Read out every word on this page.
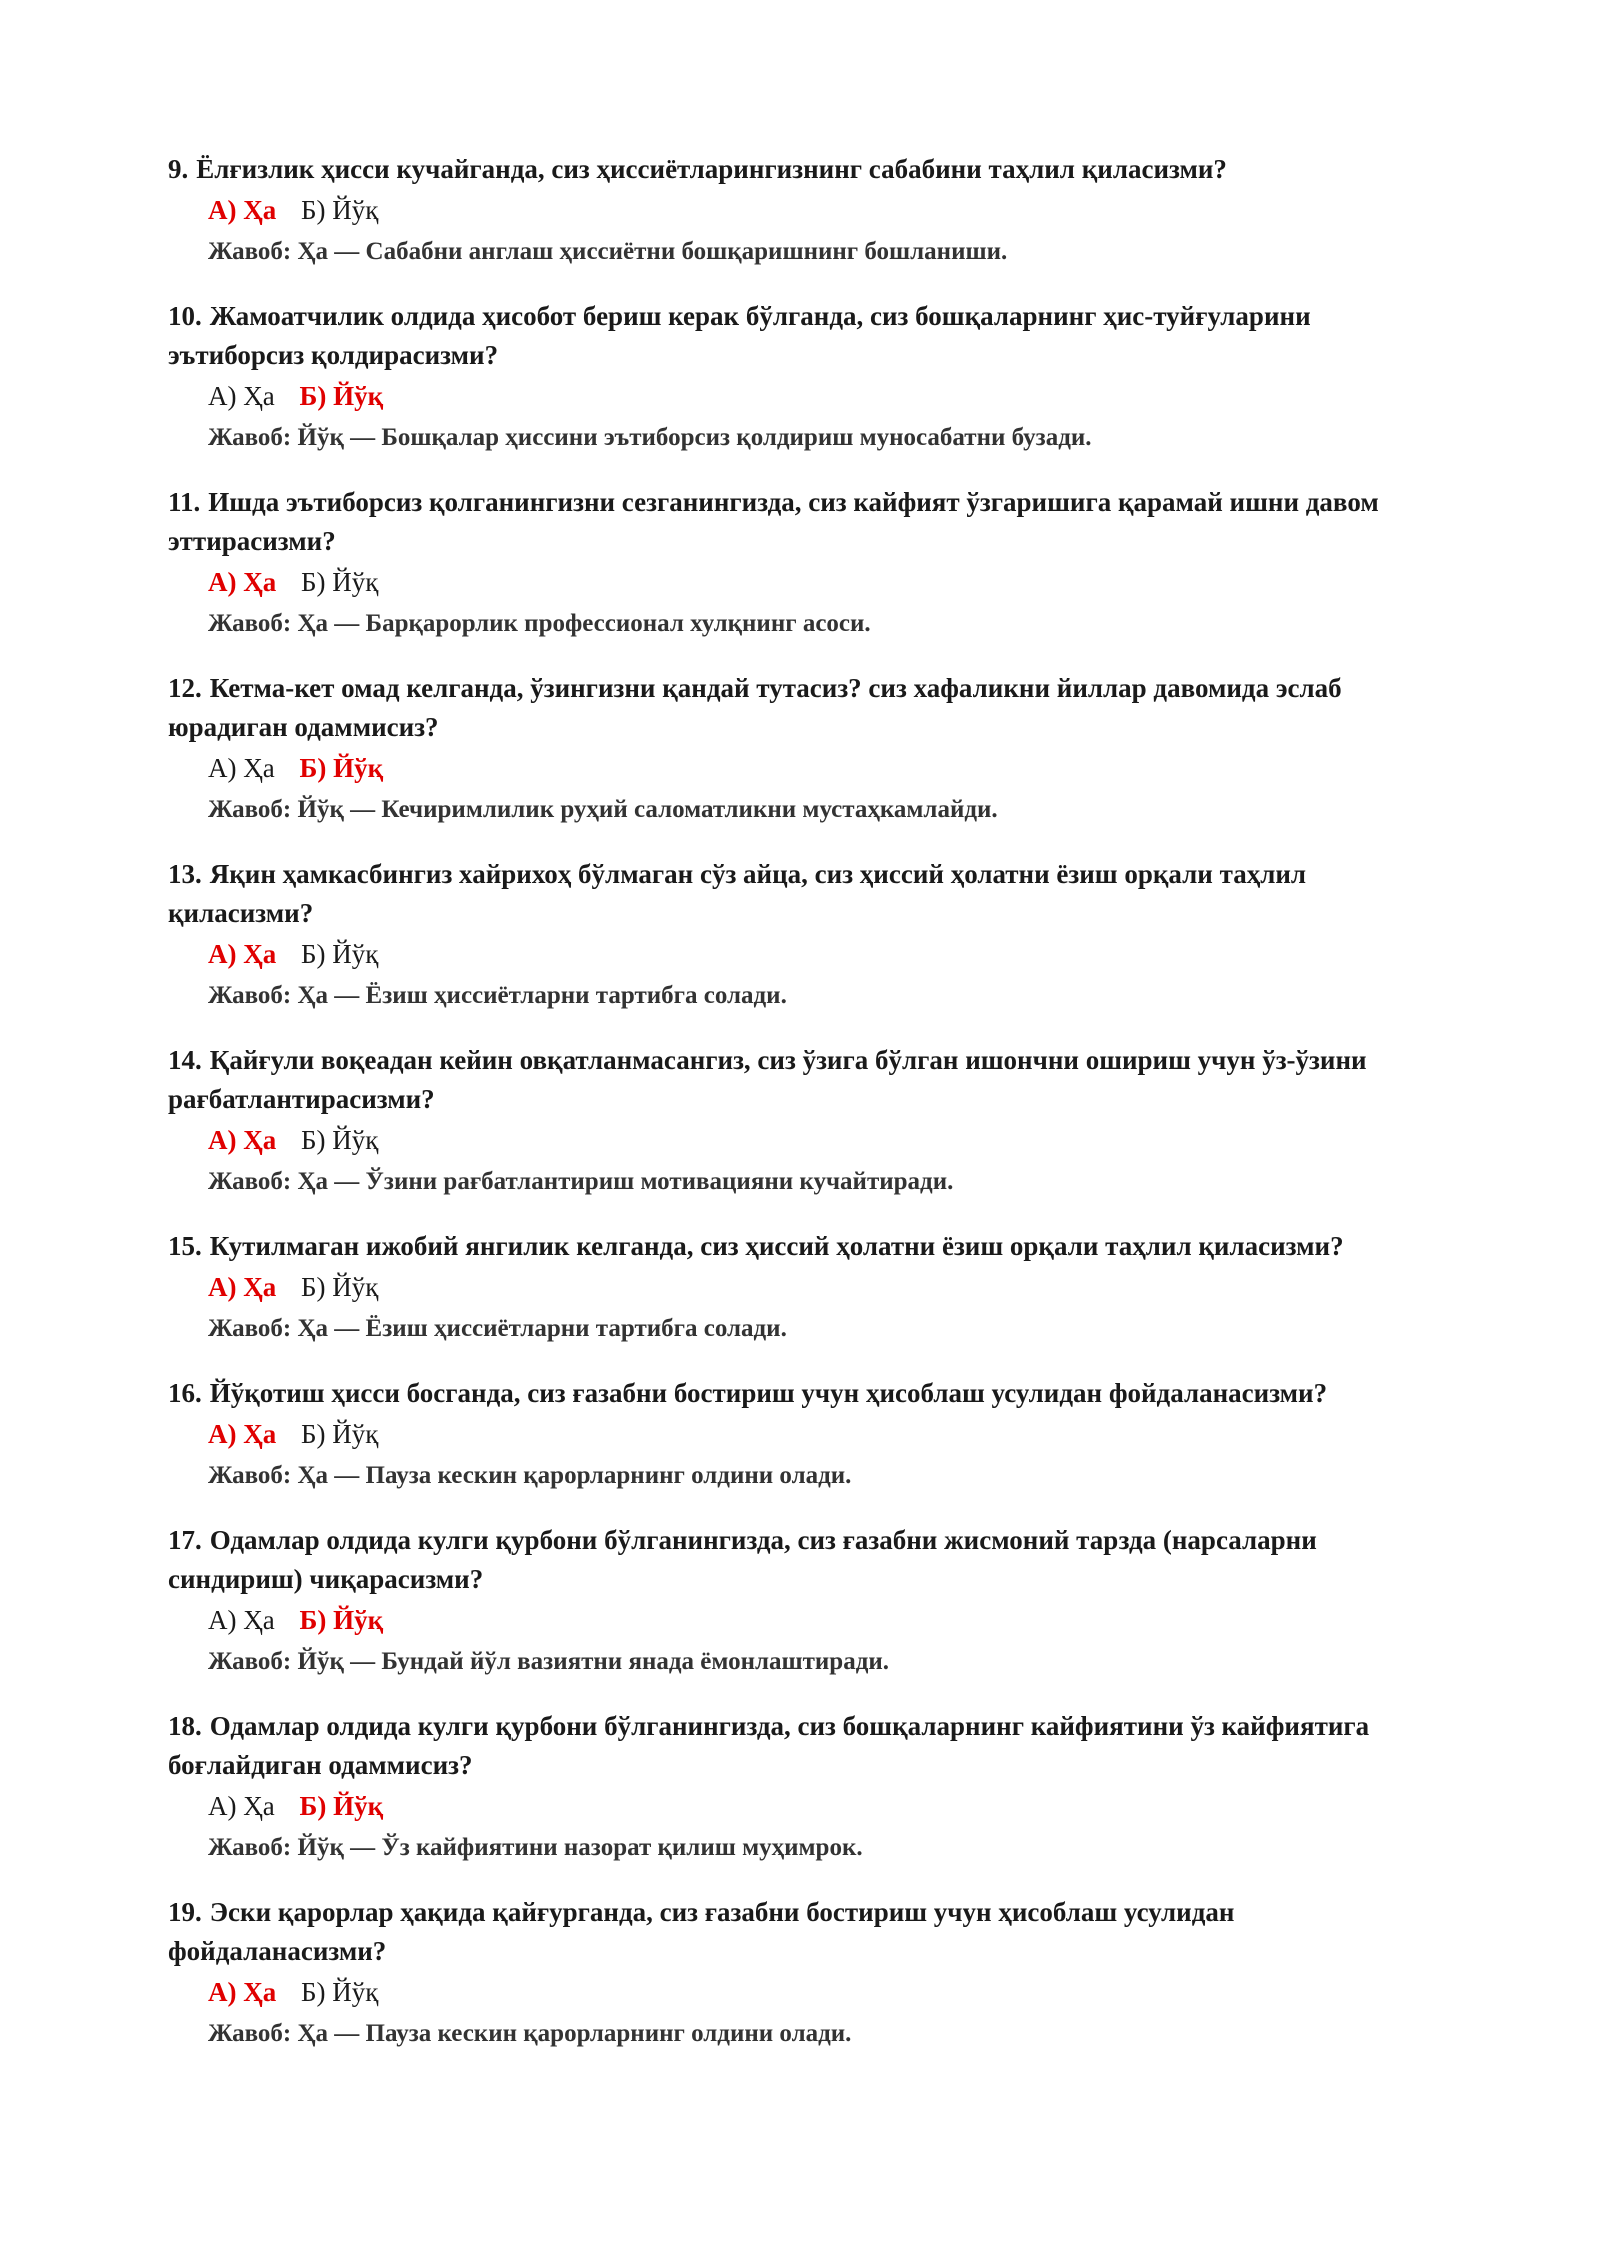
9. Ёлғизлик ҳисси кучайганда, сиз ҳиссиётларингизнинг сабабини таҳлил қиласизми?

А) Ҳа Б) Йўқ
Жавоб: Ҳа — Сабабни англаш ҳиссиётни бошқаришнинг бошланиши.

10. Жамоатчилик олдида ҳисобот бериш керак бўлганда, сиз бошқаларнинг ҳис-туйғуларини эътиборсиз қолдирасизми?

А) Ҳа Б) Йўқ
Жавоб: Йўқ — Бошқалар ҳиссини эътиборсиз қолдириш муносабатни бузади.

11. Ишда эътиборсиз қолганингизни сезганингизда, сиз кайфият ўзгаришига қарамай ишни давом эттирасизми?

А) Ҳа Б) Йўқ
Жавоб: Ҳа — Барқарорлик профессионал хулқнинг асоси.

12. Кетма-кет омад келганда, ўзингизни қандай тутасиз? сиз хафаликни йиллар давомида эслаб юрадиган одаммисиз?

А) Ҳа Б) Йўқ
Жавоб: Йўқ — Кечиримлилик руҳий саломатликни мустаҳкамлайди.

13. Яқин ҳамкасбингиз хайрихоҳ бўлмаган сўз айца, сиз ҳиссий ҳолатни ёзиш орқали таҳлил қиласизми?

А) Ҳа Б) Йўқ
Жавоб: Ҳа — Ёзиш ҳиссиётларни тартибга солади.

14. Қайғули воқеадан кейин овқатланмасангиз, сиз ўзига бўлган ишончни ошириш учун ўз-ўзини рағбатлантирасизми?

А) Ҳа Б) Йўқ
Жавоб: Ҳа — Ўзини рағбатлантириш мотивацияни кучайтиради.

15. Кутилмаган ижобий янгилик келганда, сиз ҳиссий ҳолатни ёзиш орқали таҳлил қиласизми?

А) Ҳа Б) Йўқ
Жавоб: Ҳа — Ёзиш ҳиссиётларни тартибга солади.

16. Йўқотиш ҳисси босганда, сиз ғазабни бостириш учун ҳисоблаш усулидан фойдаланасизми?

А) Ҳа Б) Йўқ
Жавоб: Ҳа — Пауза кескин қарорларнинг олдини олади.

17. Одамлар олдида кулги қурбони бўлганингизда, сиз ғазабни жисмоний тарзда (нарсаларни синдириш) чиқарасизми?

А) Ҳа Б) Йўқ
Жавоб: Йўқ — Бундай йўл вазиятни янада ёмонлаштиради.

18. Одамлар олдида кулги қурбони бўлганингизда, сиз бошқаларнинг кайфиятини ўз кайфиятига боғлайдиган одаммисиз?

А) Ҳа Б) Йўқ
Жавоб: Йўқ — Ўз кайфиятини назорат қилиш муҳимрок.

19. Эски қарорлар ҳақида қайғурганда, сиз ғазабни бостириш учун ҳисоблаш усулидан фойдаланасизми?

А) Ҳа Б) Йўқ
Жавоб: Ҳа — Пауза кескин қарорларнинг олдини олади.
